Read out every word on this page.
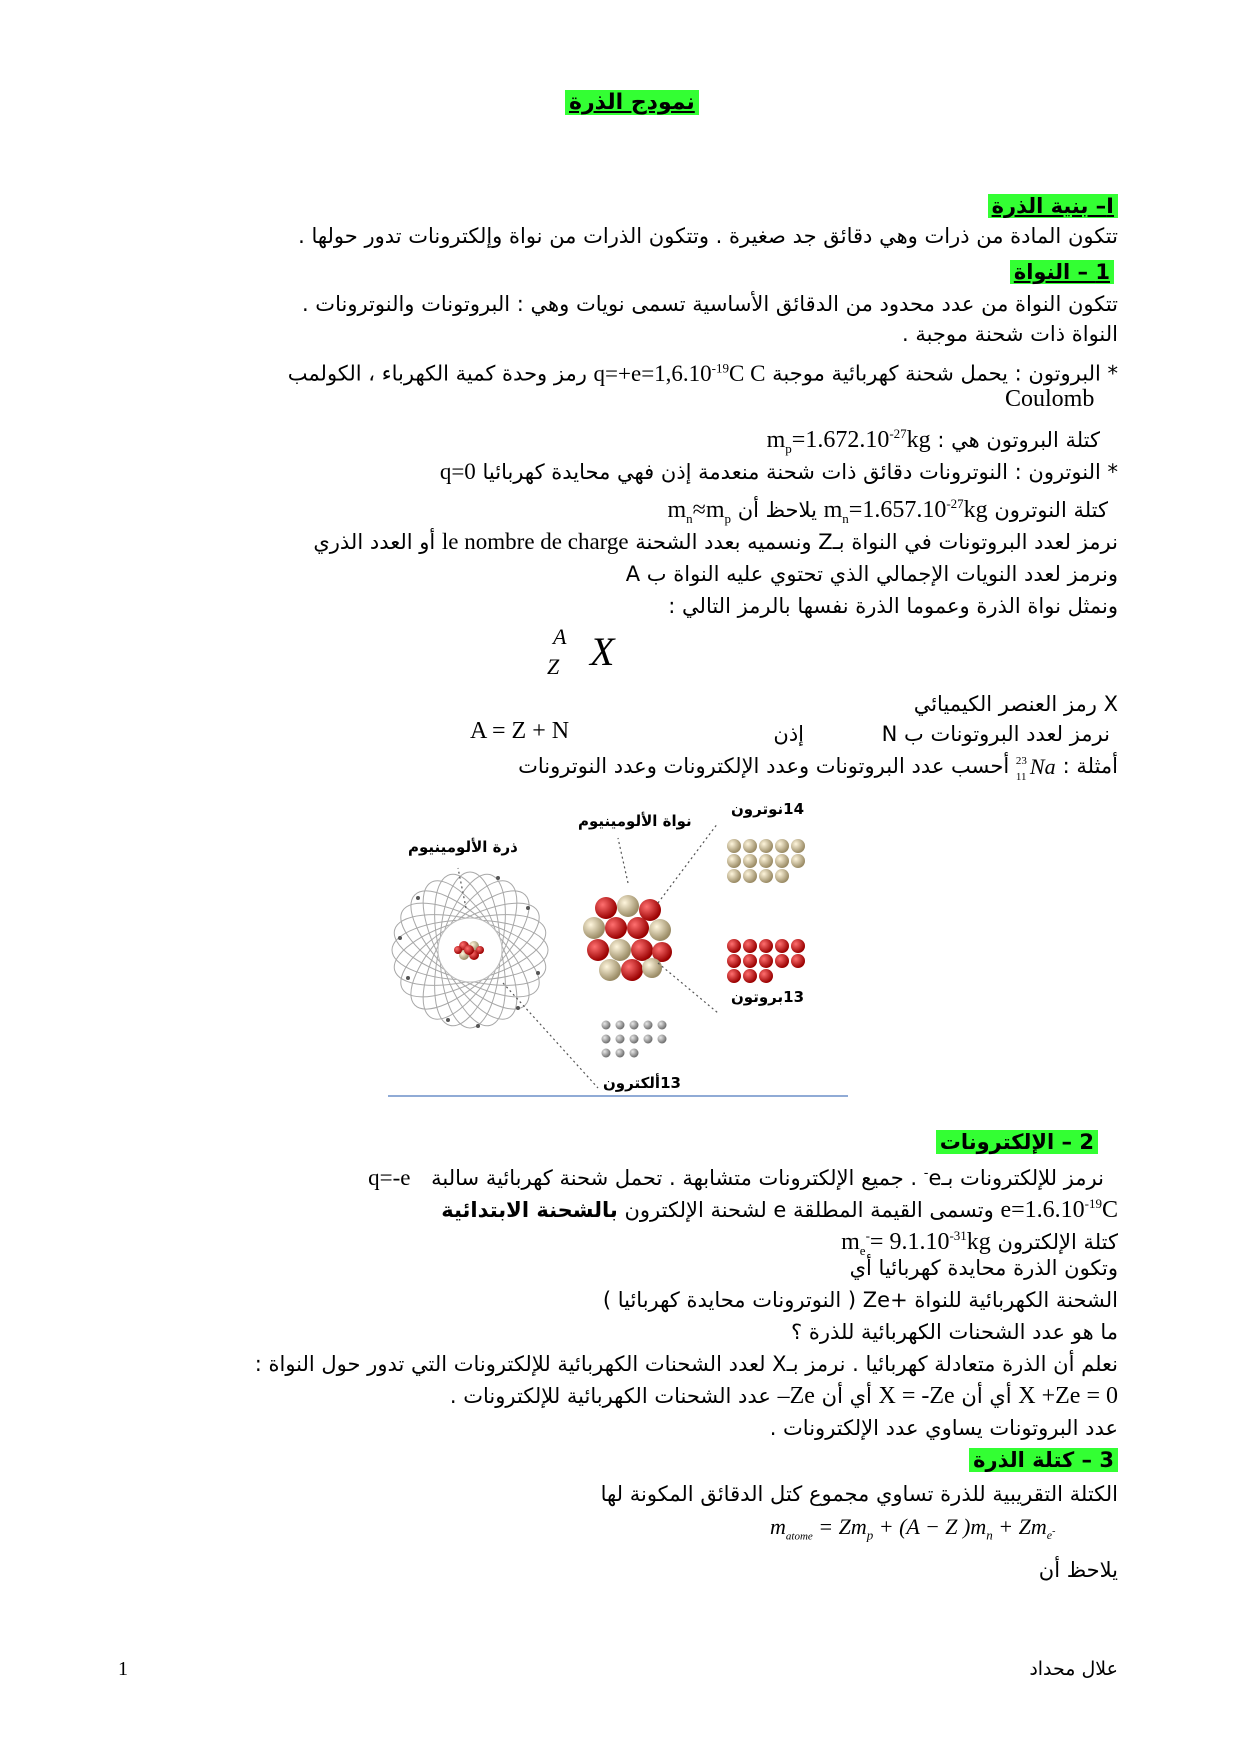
نمودج الذرة
I– بنية الذرة
تتكون المادة من ذرات وهي دقائق جد صغيرة . وتتكون الذرات من نواة وإلكترونات تدور حولها .
1 – النواة
تتكون النواة من عدد محدود من الدقائق الأساسية تسمى نويات وهي : البروتونات والنوترونات .
النواة ذات شحنة موجبة .
* البروتون : يحمل شحنة كهربائية موجبة $q=+e=1,6.10^{-19}C$ C رمز وحدة كمية الكهرباء ، الكولمب
Coulomb
كتلة البروتون هي : $m_p=1.672.10^{-27}kg$
* النوترون : النوترونات دقائق ذات شحنة منعدمة إذن فهي محايدة كهربائيا q=0
كتلة النوترون $m_n=1.657.10^{-27}kg$ يلاحظ أن $m_n\approx m_p$
نرمز لعدد البروتونات في النواة بـZ ونسميه بعدد الشحنة le nombre de charge أو العدد الذري
ونرمز لعدد النويات الإجمالي الذي تحتوي عليه النواة ب A
ونمثل نواة الذرة وعموما الذرة نفسها بالرمز التالي :
A
Z X
X رمز العنصر الكيميائي
نرمز لعدد البروتونات ب N
إذن
A = Z + N
أمثلة :
23
11 Na
أحسب عدد البروتونات وعدد الإلكترونات وعدد النوترونات
ذرة الألومينيوم
نواة الألومينيوم
14نوترون
13بروتون
13ألكترون
2 – الإلكترونات
نرمز للإلكترونات بـe- . جميع الإلكترونات متشابهة . تحمل شحنة كهربائية سالبة q=-e
$e=1.6.10^{-19}C$ وتسمى القيمة المطلقة e لشحنة الإلكترون بالشحنة الابتدائية
كتلة الإلكترون $m_e^-= 9.1.10^{-31}kg$
وتكون الذرة محايدة كهربائيا أي
الشحنة الكهربائية للنواة +Ze ( النوترونات محايدة كهربائيا )
ما هو عدد الشحنات الكهربائية للذرة ؟
نعلم أن الذرة متعادلة كهربائيا . نرمز بـX لعدد الشحنات الكهربائية للإلكترونات التي تدور حول النواة :
X +Ze = 0 أي أن X = -Ze أي أن –Ze عدد الشحنات الكهربائية للإلكترونات .
عدد البروتونات يساوي عدد الإلكترونات .
3 – كتلة الذرة
الكتلة التقريبية للذرة تساوي مجموع كتل الدقائق المكونة لها
$m_{atome} = Zm_p + (A - Z$ )$m_n + Zm_{e^-}$
يلاحظ أن
1	علال محداد
